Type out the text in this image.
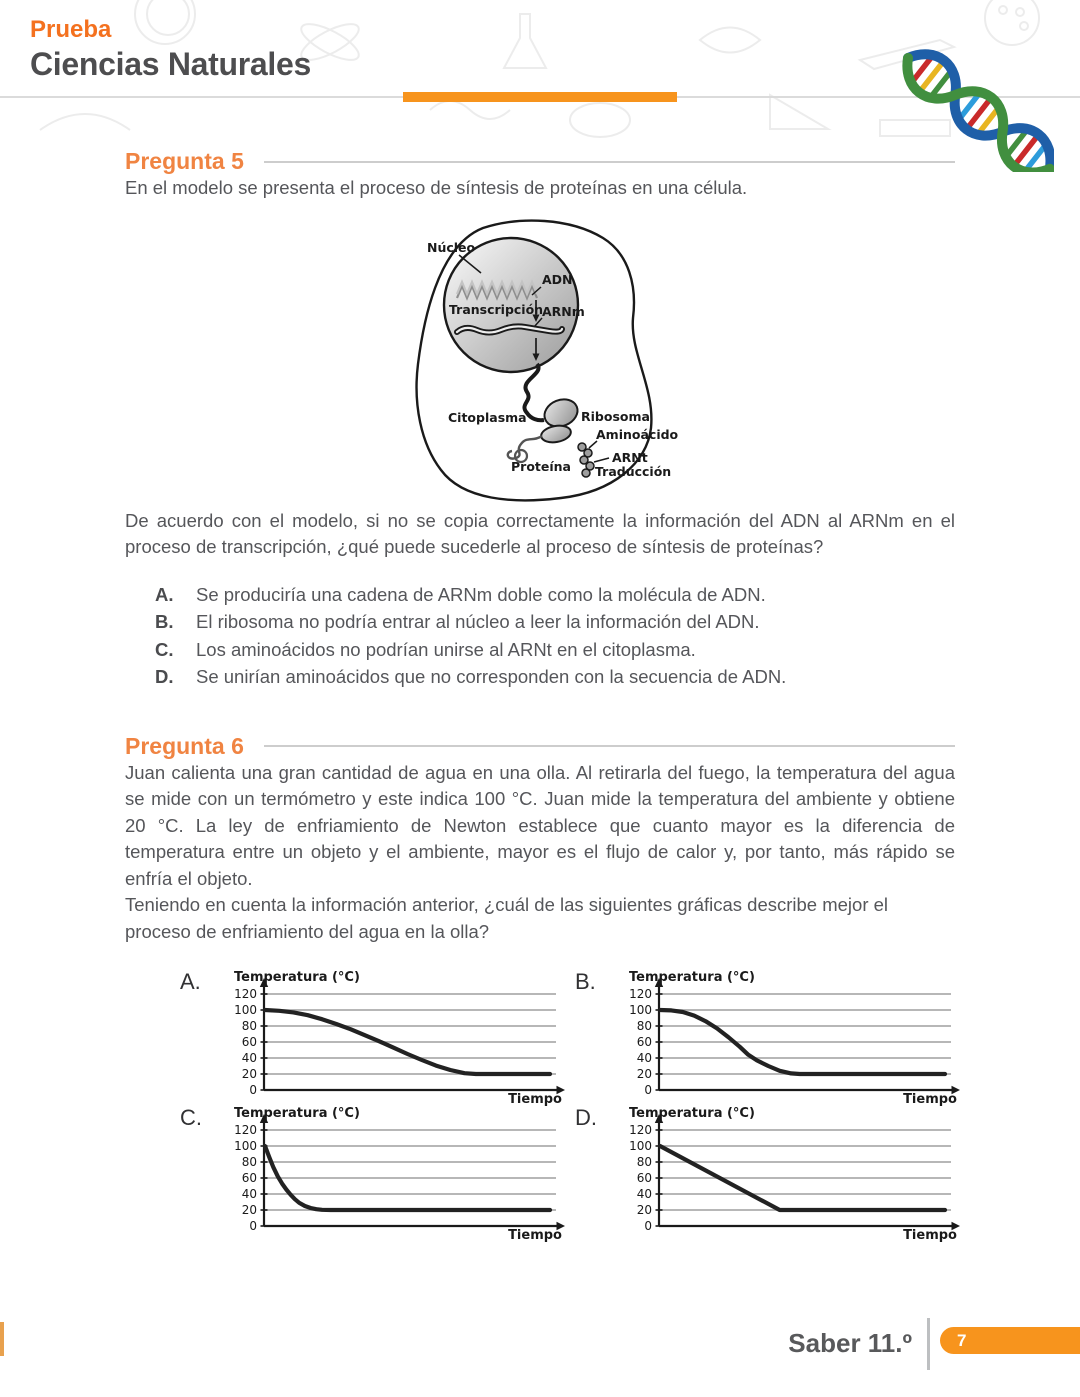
Prueba
Ciencias Naturales
Pregunta 5

En el modelo se presenta el proceso de síntesis de proteínas en una célula.

Núcleo
ADN
Transcripción
ARNm
Citoplasma	Ribosoma
Aminoácido
Proteína
ARNt
Traducción

De acuerdo con el modelo, si no se copia correctamente la información del ADN al ARNm en el proceso de transcripción, ¿qué puede sucederle al proceso de síntesis de proteínas?

A.	Se produciría una cadena de ARNm doble como la molécula de ADN.
B.	El ribosoma no podría entrar al núcleo a leer la información del ADN.
C.	Los aminoácidos no podrían unirse al ARNt en el citoplasma.
D.	Se unirían aminoácidos que no corresponden con la secuencia de ADN.
Pregunta 6

Juan calienta una gran cantidad de agua en una olla. Al retirarla del fuego, la temperatura del agua se mide con un termómetro y este indica 100 °C. Juan mide la temperatura del ambiente y obtiene 20 °C. La ley de enfriamiento de Newton establece que cuanto mayor es la diferencia de temperatura entre un objeto y el ambiente, mayor es el flujo de calor y, por tanto, más rápido se enfría el objeto.

Teniendo en cuenta la información anterior, ¿cuál de las siguientes gráficas describe mejor el proceso de enfriamiento del agua en la olla?

A.
0
20
40
60
80
100
120
Temperatura (°C)
Tiempo
B.
0
20
40
60
80
100
120
Temperatura (°C)
Tiempo
C.
0
20
40
60
80
100
120
Temperatura (°C)
Tiempo
D.
0
20
40
60
80
100
120
Temperatura (°C)
Tiempo
Saber 11.º	7
